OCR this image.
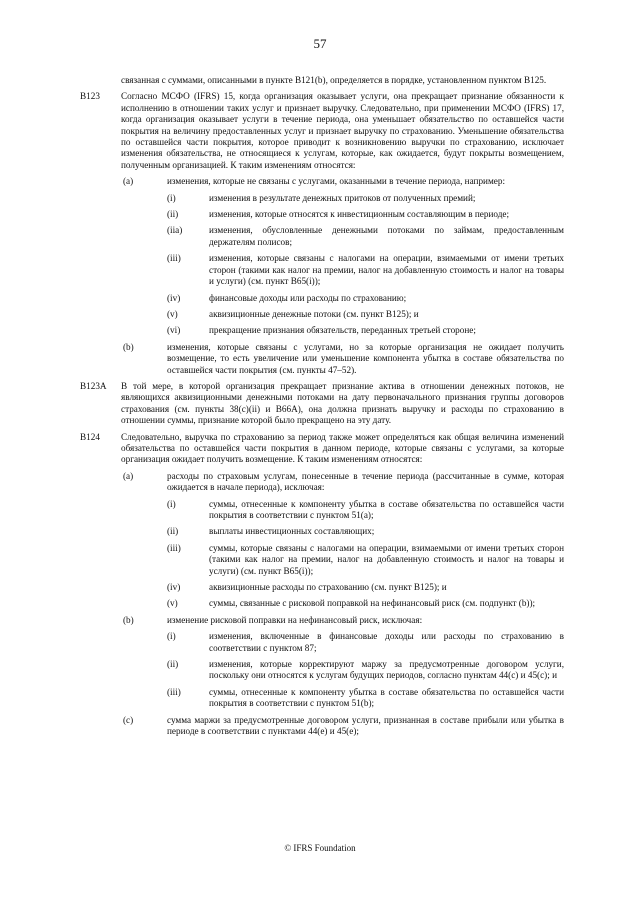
57
связанная с суммами, описанными в пункте B121(b), определяется в порядке, установленном пунктом B125.
B123 Согласно МСФО (IFRS) 15, когда организация оказывает услуги, она прекращает признание обязанности к исполнению в отношении таких услуг и признает выручку. Следовательно, при применении МСФО (IFRS) 17, когда организация оказывает услуги в течение периода, она уменьшает обязательство по оставшейся части покрытия на величину предоставленных услуг и признает выручку по страхованию. Уменьшение обязательства по оставшейся части покрытия, которое приводит к возникновению выручки по страхованию, исключает изменения обязательства, не относящиеся к услугам, которые, как ожидается, будут покрыты возмещением, полученным организацией. К таким изменениям относятся:
(a)	изменения, которые не связаны с услугами, оказанными в течение периода, например:
(i)	изменения в результате денежных притоков от полученных премий;
(ii)	изменения, которые относятся к инвестиционным составляющим в периоде;
(iia)	изменения, обусловленные денежными потоками по займам, предоставленным держателям полисов;
(iii)	изменения, которые связаны с налогами на операции, взимаемыми от имени третьих сторон (такими как налог на премии, налог на добавленную стоимость и налог на товары и услуги) (см. пункт B65(i));
(iv)	финансовые доходы или расходы по страхованию;
(v)	аквизиционные денежные потоки (см. пункт B125); и
(vi)	прекращение признания обязательств, переданных третьей стороне;
(b)	изменения, которые связаны с услугами, но за которые организация не ожидает получить возмещение, то есть увеличение или уменьшение компонента убытка в составе обязательства по оставшейся части покрытия (см. пункты 47–52).
B123A В той мере, в которой организация прекращает признание актива в отношении денежных потоков, не являющихся аквизиционными денежными потоками на дату первоначального признания группы договоров страхования (см. пункты 38(c)(ii) и B66A), она должна признать выручку и расходы по страхованию в отношении суммы, признание которой было прекращено на эту дату.
B124 Следовательно, выручка по страхованию за период также может определяться как общая величина изменений обязательства по оставшейся части покрытия в данном периоде, которые связаны с услугами, за которые организация ожидает получить возмещение. К таким изменениям относятся:
(a)	расходы по страховым услугам, понесенные в течение периода (рассчитанные в сумме, которая ожидается в начале периода), исключая:
(i)	суммы, отнесенные к компоненту убытка в составе обязательства по оставшейся части покрытия в соответствии с пунктом 51(a);
(ii)	выплаты инвестиционных составляющих;
(iii)	суммы, которые связаны с налогами на операции, взимаемыми от имени третьих сторон (такими как налог на премии, налог на добавленную стоимость и налог на товары и услуги) (см. пункт B65(i));
(iv)	аквизиционные расходы по страхованию (см. пункт B125); и
(v)	суммы, связанные с рисковой поправкой на нефинансовый риск (см. подпункт (b));
(b)	изменение рисковой поправки на нефинансовый риск, исключая:
(i)	изменения, включенные в финансовые доходы или расходы по страхованию в соответствии с пунктом 87;
(ii)	изменения, которые корректируют маржу за предусмотренные договором услуги, поскольку они относятся к услугам будущих периодов, согласно пунктам 44(c) и 45(c); и
(iii)	суммы, отнесенные к компоненту убытка в составе обязательства по оставшейся части покрытия в соответствии с пунктом 51(b);
(c)	сумма маржи за предусмотренные договором услуги, признанная в составе прибыли или убытка в периоде в соответствии с пунктами 44(e) и 45(e);
© IFRS Foundation
